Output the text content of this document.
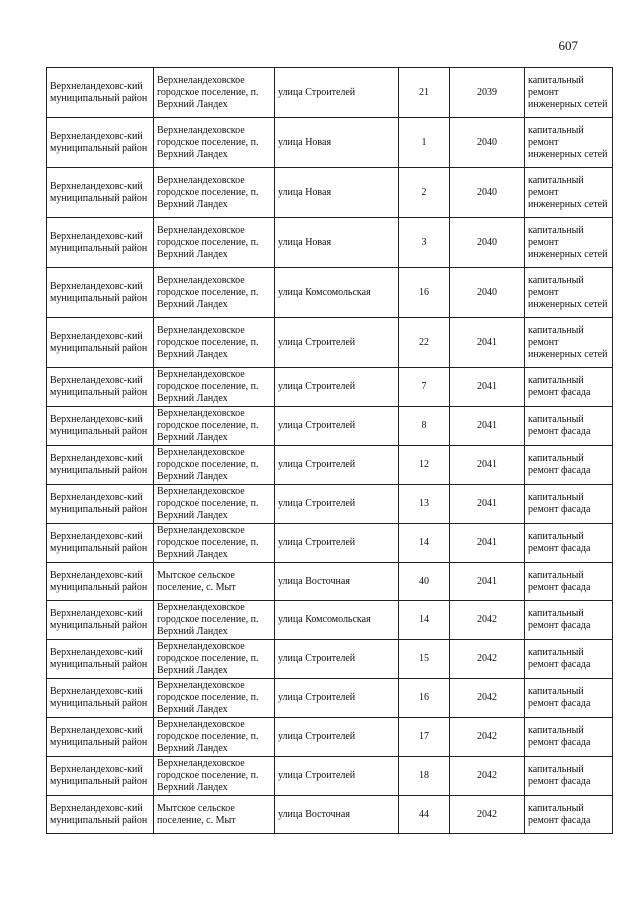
607
Верхнеландеховс-кий муниципальный район	Верхнеландеховское городское поселение, п. Верхний Ландех	улица Строителей	21	2039	капитальный ремонт инженерных сетей
Верхнеландеховс-кий муниципальный район	Верхнеландеховское городское поселение, п. Верхний Ландех	улица Новая	1	2040	капитальный ремонт инженерных сетей
Верхнеландеховс-кий муниципальный район	Верхнеландеховское городское поселение, п. Верхний Ландех	улица Новая	2	2040	капитальный ремонт инженерных сетей
Верхнеландеховс-кий муниципальный район	Верхнеландеховское городское поселение, п. Верхний Ландех	улица Новая	3	2040	капитальный ремонт инженерных сетей
Верхнеландеховс-кий муниципальный район	Верхнеландеховское городское поселение, п. Верхний Ландех	улица Комсомольская	16	2040	капитальный ремонт инженерных сетей
Верхнеландеховс-кий муниципальный район	Верхнеландеховское городское поселение, п. Верхний Ландех	улица Строителей	22	2041	капитальный ремонт инженерных сетей
Верхнеландеховс-кий муниципальный район	Верхнеландеховское городское поселение, п. Верхний Ландех	улица Строителей	7	2041	капитальный ремонт фасада
Верхнеландеховс-кий муниципальный район	Верхнеландеховское городское поселение, п. Верхний Ландех	улица Строителей	8	2041	капитальный ремонт фасада
Верхнеландеховс-кий муниципальный район	Верхнеландеховское городское поселение, п. Верхний Ландех	улица Строителей	12	2041	капитальный ремонт фасада
Верхнеландеховс-кий муниципальный район	Верхнеландеховское городское поселение, п. Верхний Ландех	улица Строителей	13	2041	капитальный ремонт фасада
Верхнеландеховс-кий муниципальный район	Верхнеландеховское городское поселение, п. Верхний Ландех	улица Строителей	14	2041	капитальный ремонт фасада
Верхнеландеховс-кий муниципальный район	Мытское сельское поселение, с. Мыт	улица Восточная	40	2041	капитальный ремонт фасада
Верхнеландеховс-кий муниципальный район	Верхнеландеховское городское поселение, п. Верхний Ландех	улица Комсомольская	14	2042	капитальный ремонт фасада
Верхнеландеховс-кий муниципальный район	Верхнеландеховское городское поселение, п. Верхний Ландех	улица Строителей	15	2042	капитальный ремонт фасада
Верхнеландеховс-кий муниципальный район	Верхнеландеховское городское поселение, п. Верхний Ландех	улица Строителей	16	2042	капитальный ремонт фасада
Верхнеландеховс-кий муниципальный район	Верхнеландеховское городское поселение, п. Верхний Ландех	улица Строителей	17	2042	капитальный ремонт фасада
Верхнеландеховс-кий муниципальный район	Верхнеландеховское городское поселение, п. Верхний Ландех	улица Строителей	18	2042	капитальный ремонт фасада
Верхнеландеховс-кий муниципальный район	Мытское сельское поселение, с. Мыт	улица Восточная	44	2042	капитальный ремонт фасада
